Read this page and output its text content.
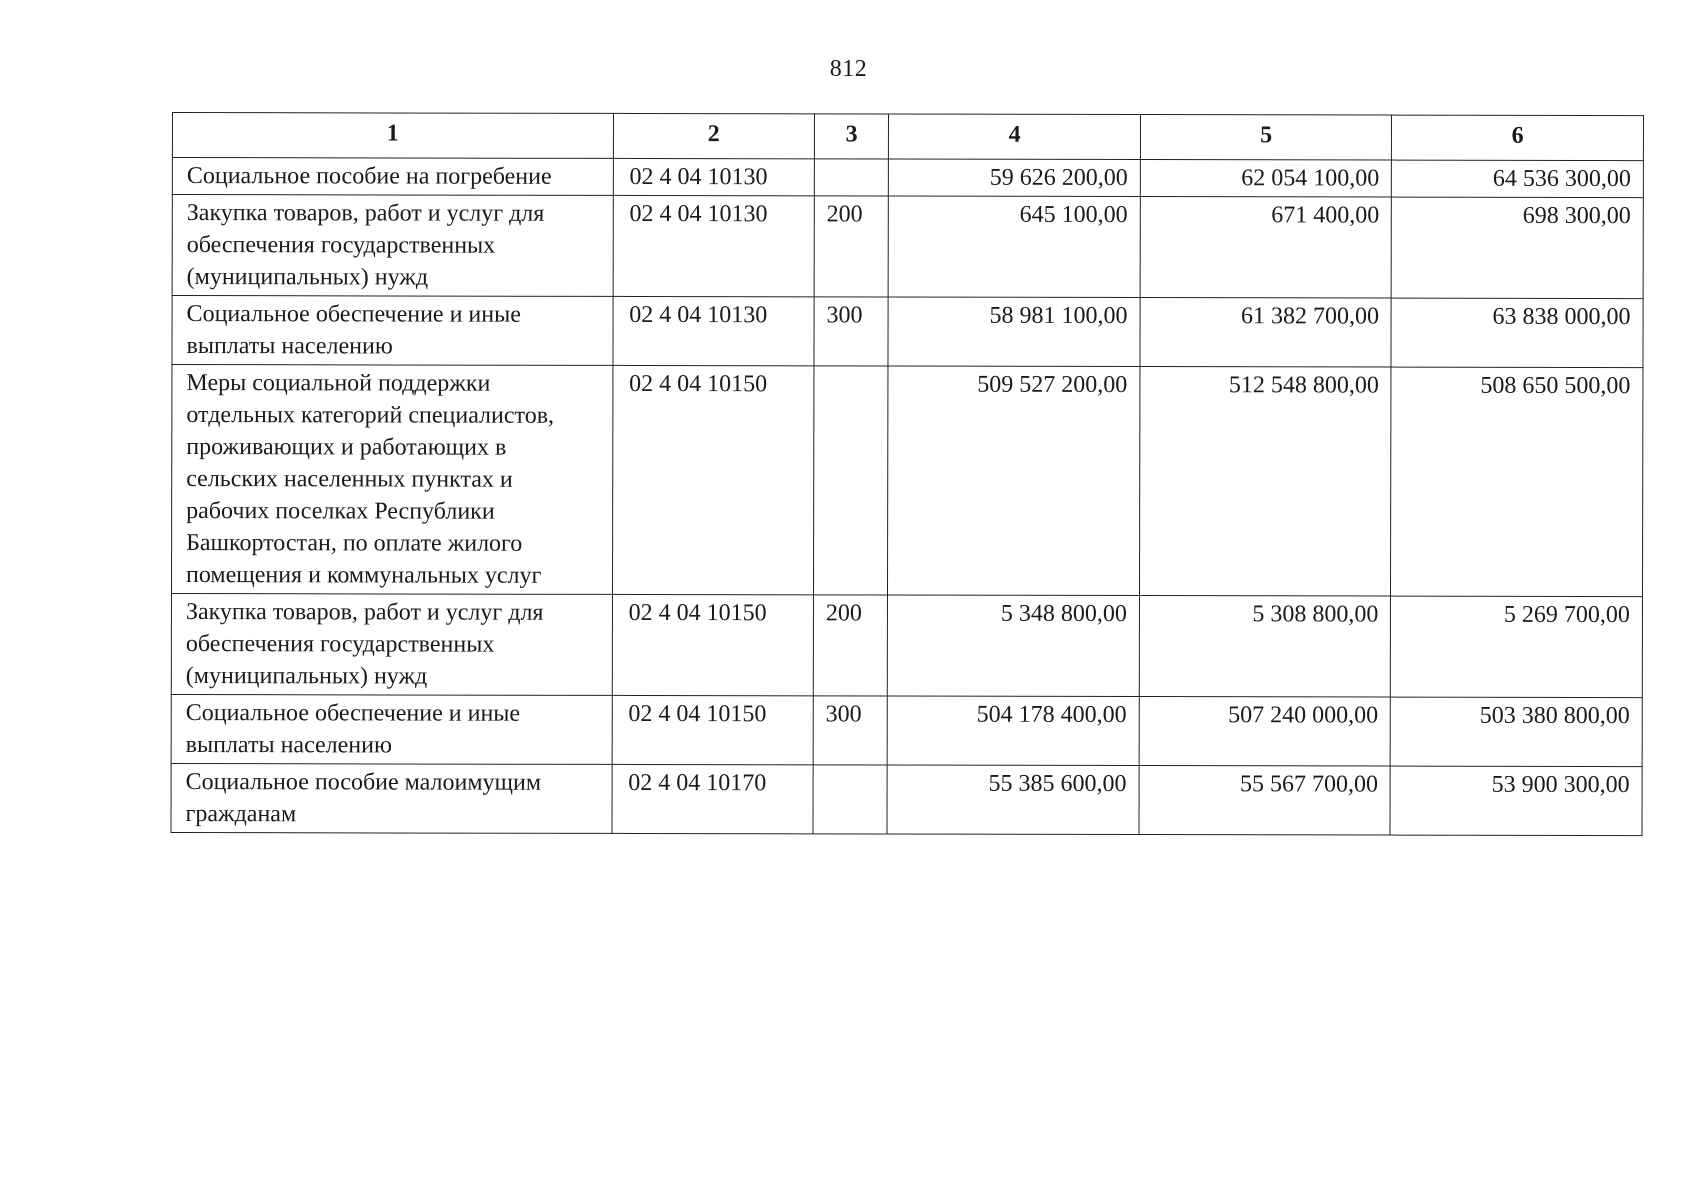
812
1	2	3	4	5	6
Социальное пособие на погребение	02 4 04 10130		59 626 200,00	62 054 100,00	64 536 300,00
Закупка товаров, работ и услуг для обеспечения государственных (муниципальных) нужд	02 4 04 10130	200	645 100,00	671 400,00	698 300,00
Социальное обеспечение и иные выплаты населению	02 4 04 10130	300	58 981 100,00	61 382 700,00	63 838 000,00
Меры социальной поддержки отдельных категорий специалистов, проживающих и работающих в сельских населенных пунктах и рабочих поселках Республики Башкортостан, по оплате жилого помещения и коммунальных услуг	02 4 04 10150		509 527 200,00	512 548 800,00	508 650 500,00
Закупка товаров, работ и услуг для обеспечения государственных (муниципальных) нужд	02 4 04 10150	200	5 348 800,00	5 308 800,00	5 269 700,00
Социальное обеспечение и иные выплаты населению	02 4 04 10150	300	504 178 400,00	507 240 000,00	503 380 800,00
Социальное пособие малоимущим гражданам	02 4 04 10170		55 385 600,00	55 567 700,00	53 900 300,00
